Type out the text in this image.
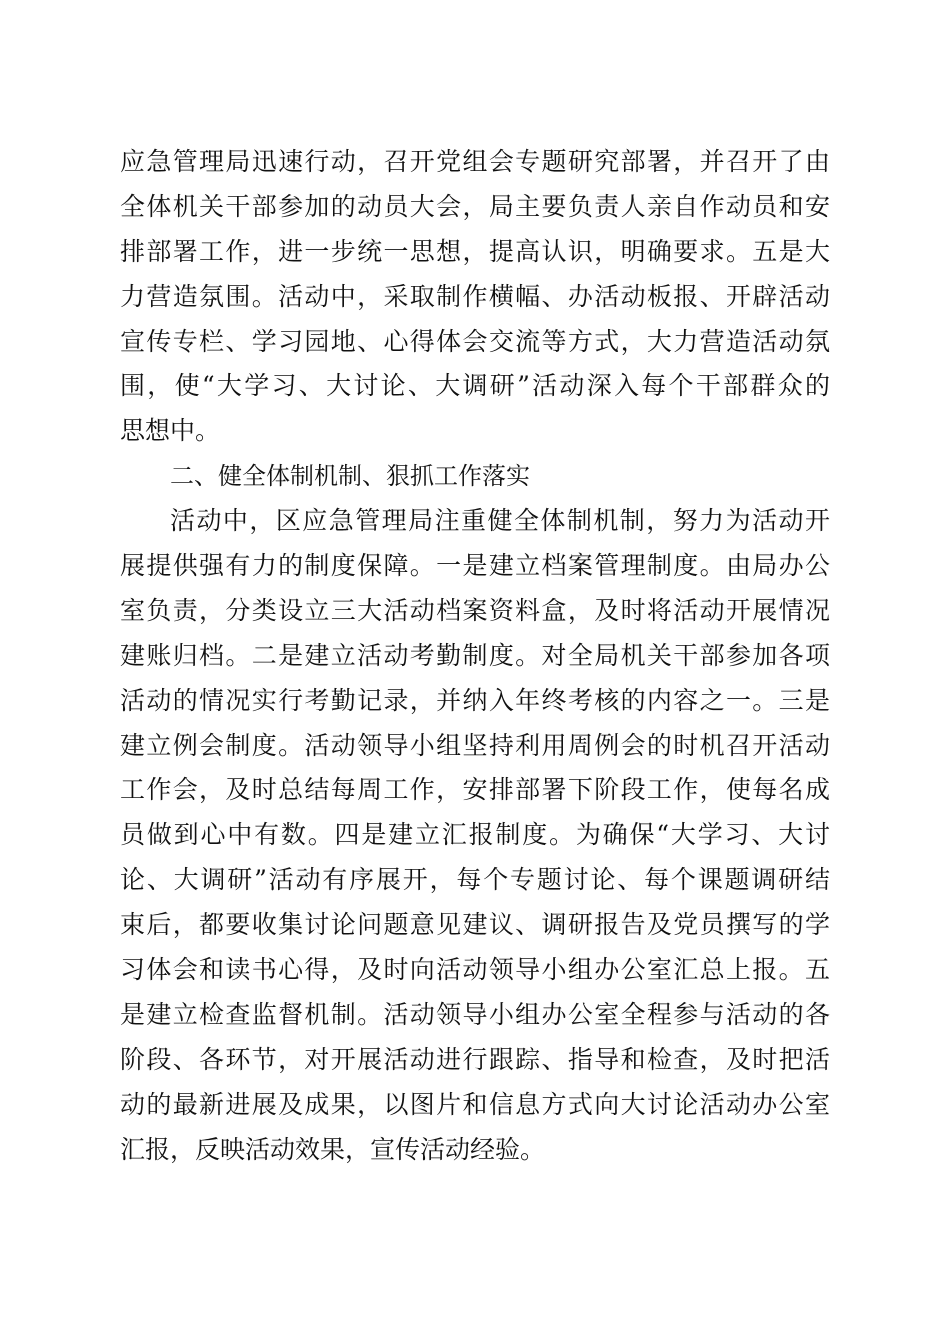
应急管理局迅速行动，召开党组会专题研究部署，并召开了由
全体机关干部参加的动员大会，局主要负责人亲自作动员和安
排部署工作，进一步统一思想，提高认识，明确要求。五是大
力营造氛围。活动中，采取制作横幅、办活动板报、开辟活动
宣传专栏、学习园地、心得体会交流等方式，大力营造活动氛
围，使“大学习、大讨论、大调研”活动深入每个干部群众的
思想中。
二、健全体制机制、狠抓工作落实
活动中，区应急管理局注重健全体制机制，努力为活动开
展提供强有力的制度保障。一是建立档案管理制度。由局办公
室负责，分类设立三大活动档案资料盒，及时将活动开展情况
建账归档。二是建立活动考勤制度。对全局机关干部参加各项
活动的情况实行考勤记录，并纳入年终考核的内容之一。三是
建立例会制度。活动领导小组坚持利用周例会的时机召开活动
工作会，及时总结每周工作，安排部署下阶段工作，使每名成
员做到心中有数。四是建立汇报制度。为确保“大学习、大讨
论、大调研”活动有序展开，每个专题讨论、每个课题调研结
束后，都要收集讨论问题意见建议、调研报告及党员撰写的学
习体会和读书心得，及时向活动领导小组办公室汇总上报。五
是建立检查监督机制。活动领导小组办公室全程参与活动的各
阶段、各环节，对开展活动进行跟踪、指导和检查，及时把活
动的最新进展及成果，以图片和信息方式向大讨论活动办公室
汇报，反映活动效果，宣传活动经验。
